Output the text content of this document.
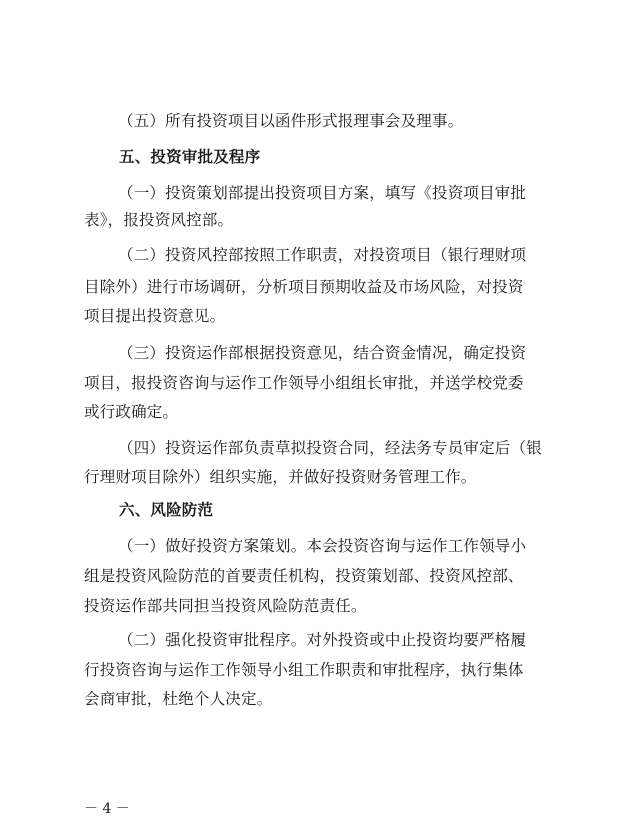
（五）所有投资项目以函件形式报理事会及理事。
五、投资审批及程序
（一）投资策划部提出投资项目方案，填写《投资项目审批
表》，报投资风控部。
（二）投资风控部按照工作职责，对投资项目（银行理财项
目除外）进行市场调研，分析项目预期收益及市场风险，对投资
项目提出投资意见。
（三）投资运作部根据投资意见，结合资金情况，确定投资
项目，报投资咨询与运作工作领导小组组长审批，并送学校党委
或行政确定。
（四）投资运作部负责草拟投资合同，经法务专员审定后（银
行理财项目除外）组织实施，并做好投资财务管理工作。
六、风险防范
（一）做好投资方案策划。本会投资咨询与运作工作领导小
组是投资风险防范的首要责任机构，投资策划部、投资风控部、
投资运作部共同担当投资风险防范责任。
（二）强化投资审批程序。对外投资或中止投资均要严格履
行投资咨询与运作工作领导小组工作职责和审批程序，执行集体
会商审批，杜绝个人决定。
－ 4 －
